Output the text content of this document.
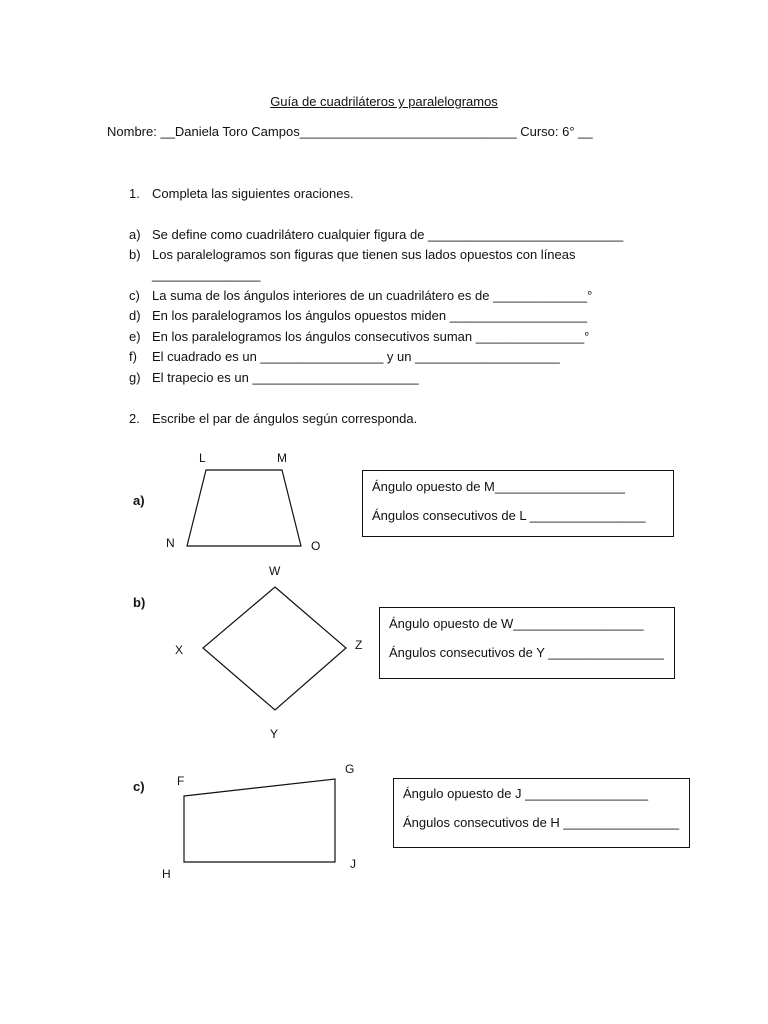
Guía de cuadriláteros y paralelogramos
Nombre: __Daniela Toro Campos______________________________ Curso: 6° __
1. Completa las siguientes oraciones.
a) Se define como cuadrilátero cualquier figura de ___________________________
b) Los paralelogramos son figuras que tienen sus lados opuestos con líneas
_______________
c) La suma de los ángulos interiores de un cuadrilátero es de _____________°
d) En los paralelogramos los ángulos opuestos miden ___________________
e) En los paralelogramos los ángulos consecutivos suman _______________°
f) El cuadrado es un _________________ y un ____________________
g) El trapecio es un _______________________
2. Escribe el par de ángulos según corresponda.
a)
L	M
N	O
Ángulo opuesto de M__________________
Ángulos consecutivos de L ________________
b)
W
X	Z
Y
Ángulo opuesto de W__________________
Ángulos consecutivos de Y ________________
c)	F
G
H
J
Ángulo opuesto de J _________________
Ángulos consecutivos de H ________________
